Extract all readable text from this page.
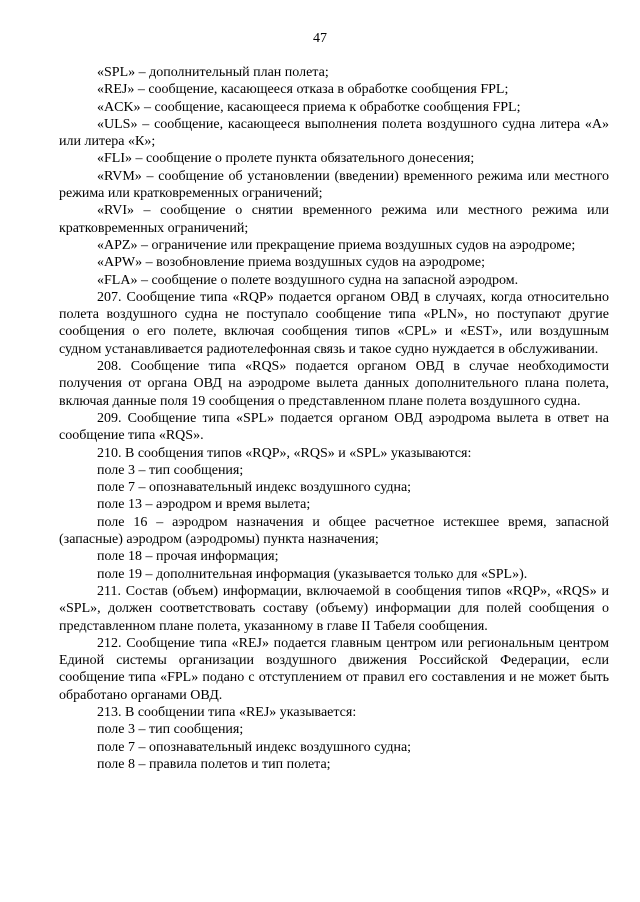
47

«SPL» – дополнительный план полета;

«REJ» – сообщение, касающееся отказа в обработке сообщения FPL;

«ACK» – сообщение, касающееся приема к обработке сообщения FPL;

«ULS» – сообщение, касающееся выполнения полета воздушного судна литера «А» или литера «К»;

«FLI» – сообщение о пролете пункта обязательного донесения;

«RVM» – сообщение об установлении (введении) временного режима или местного режима или кратковременных ограничений;

«RVI» – сообщение о снятии временного режима или местного режима или кратковременных ограничений;

«APZ» – ограничение или прекращение приема воздушных судов на аэродроме;

«APW» – возобновление приема воздушных судов на аэродроме;

«FLA» – сообщение о полете воздушного судна на запасной аэродром.

207. Сообщение типа «RQP» подается органом ОВД в случаях, когда относительно полета воздушного судна не поступало сообщение типа «PLN», но поступают другие сообщения о его полете, включая сообщения типов «CPL» и «EST», или воздушным судном устанавливается радиотелефонная связь и такое судно нуждается в обслуживании.

208. Сообщение типа «RQS» подается органом ОВД в случае необходимости получения от органа ОВД на аэродроме вылета данных дополнительного плана полета, включая данные поля 19 сообщения о представленном плане полета воздушного судна.

209. Сообщение типа «SPL» подается органом ОВД аэродрома вылета в ответ на сообщение типа «RQS».

210. В сообщения типов «RQP», «RQS» и «SPL» указываются:

поле 3 – тип сообщения;

поле 7 – опознавательный индекс воздушного судна;

поле 13 – аэродром и время вылета;

поле 16 – аэродром назначения и общее расчетное истекшее время, запасной (запасные) аэродром (аэродромы) пункта назначения;

поле 18 – прочая информация;

поле 19 – дополнительная информация (указывается только для «SPL»).

211. Состав (объем) информации, включаемой в сообщения типов «RQP», «RQS» и «SPL», должен соответствовать составу (объему) информации для полей сообщения о представленном плане полета, указанному в главе II Табеля сообщения.

212. Сообщение типа «REJ» подается главным центром или региональным центром Единой системы организации воздушного движения Российской Федерации, если сообщение типа «FPL» подано с отступлением от правил его составления и не может быть обработано органами ОВД.

213. В сообщении типа «REJ» указывается:

поле 3 – тип сообщения;

поле 7 – опознавательный индекс воздушного судна;

поле 8 – правила полетов и тип полета;
